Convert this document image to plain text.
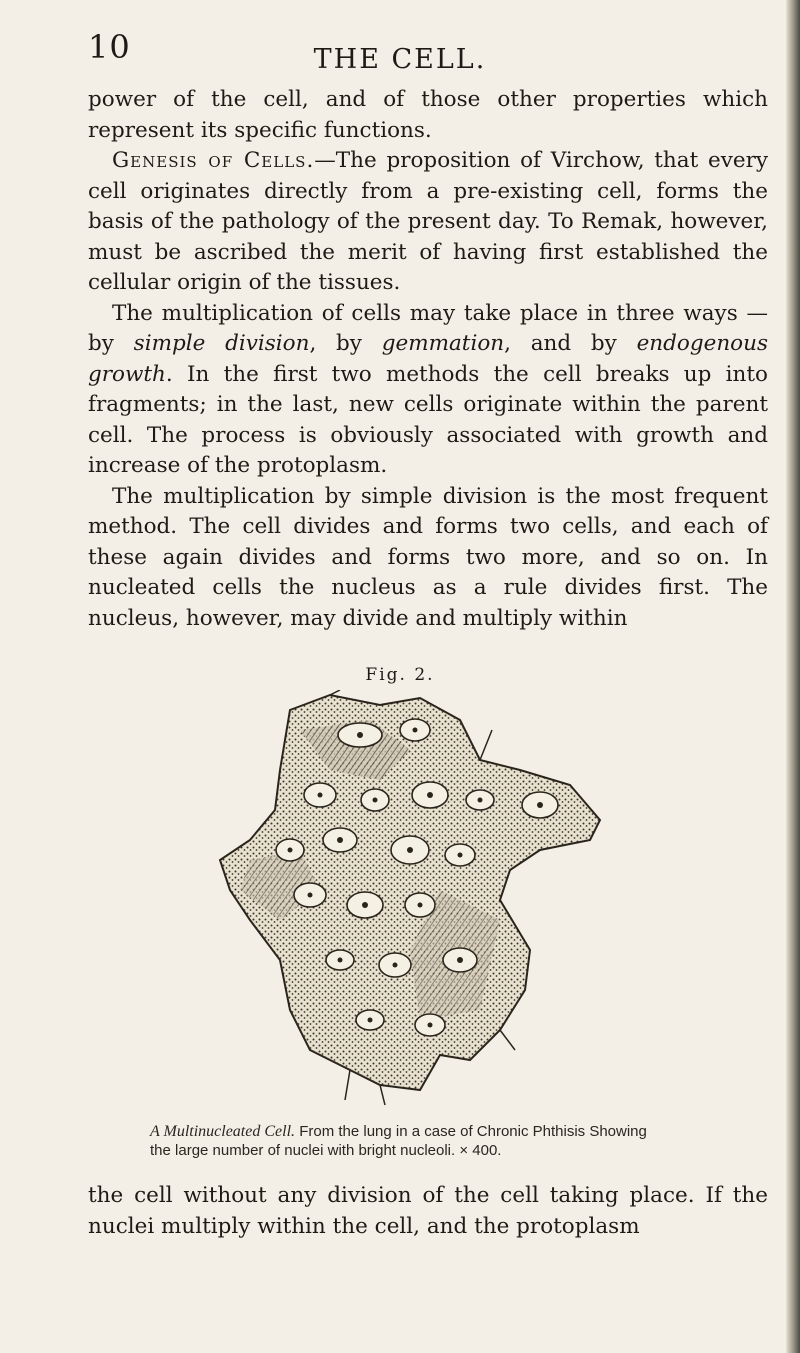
10	THE CELL.

power of the cell, and of those other properties which represent its specific functions.

Genesis of Cells.—The proposition of Virchow, that every cell originates directly from a pre-existing cell, forms the basis of the pathology of the present day. To Remak, however, must be ascribed the merit of having first established the cellular origin of the tissues.

The multiplication of cells may take place in three ways —by simple division, by gemmation, and by endogenous growth. In the first two methods the cell breaks up into fragments; in the last, new cells originate within the parent cell. The process is obviously associated with growth and increase of the protoplasm.

The multiplication by simple division is the most frequent method. The cell divides and forms two cells, and each of these again divides and forms two more, and so on. In nucleated cells the nucleus as a rule divides first. The nucleus, however, may divide and multiply within

Fig. 2.
A Multinucleated Cell. From the lung in a case of Chronic Phthisis Showing the large number of nuclei with bright nucleoli. × 400.

the cell without any division of the cell taking place. If the nuclei multiply within the cell, and the protoplasm
